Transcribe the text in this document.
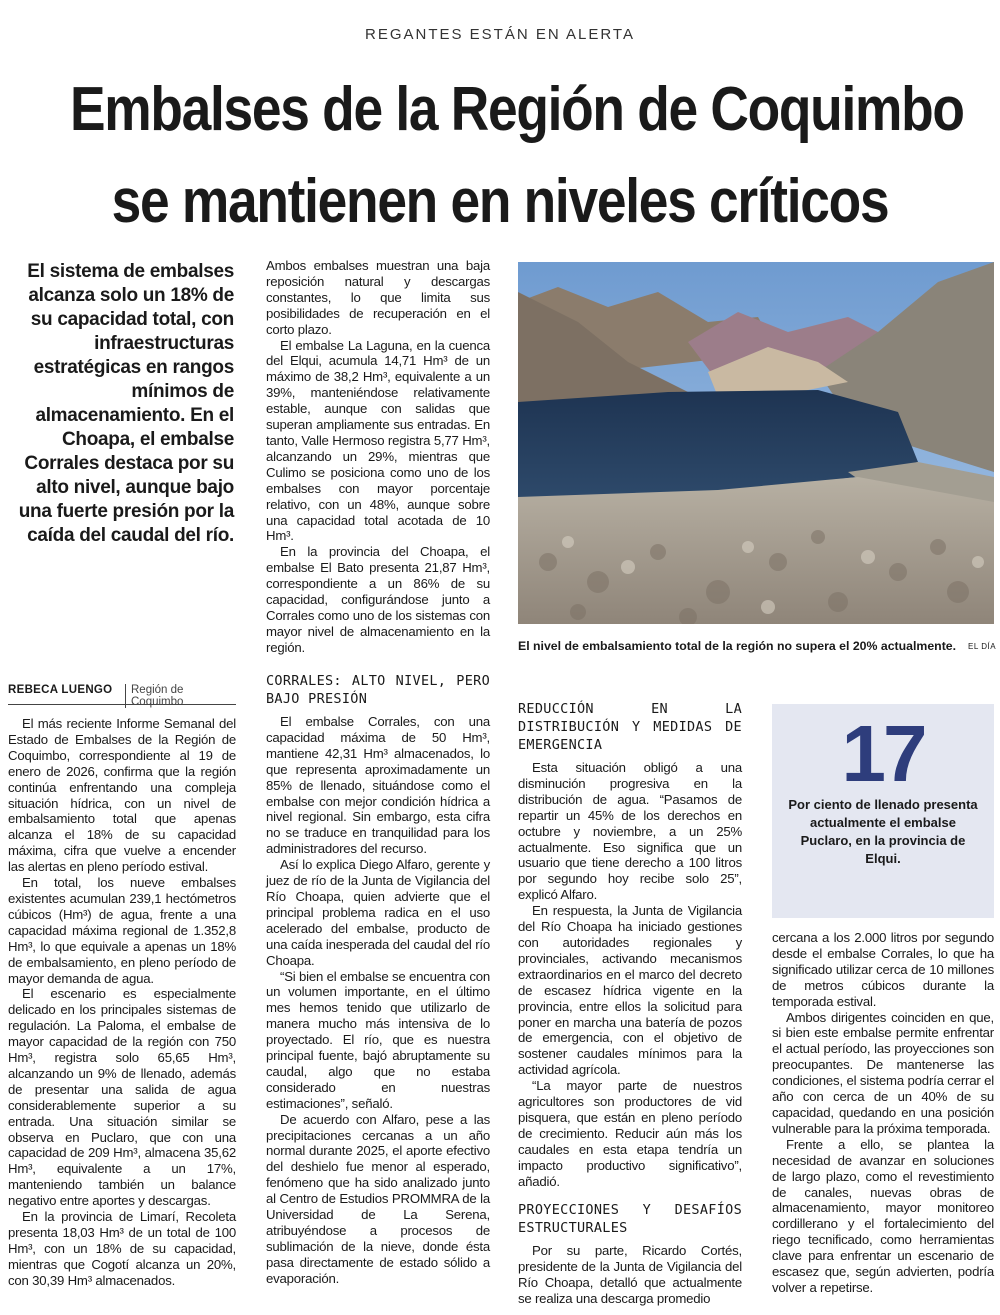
REGANTES ESTÁN EN ALERTA
Embalses de la Región de Coquimbo
se mantienen en niveles críticos
El sistema de embalses alcanza solo un 18% de su capacidad total, con infraestructuras estratégicas en rangos mínimos de almacenamiento. En el Choapa, el embalse Corrales destaca por su alto nivel, aunque bajo una fuerte presión por la caída del caudal del río.

Ambos embalses muestran una baja reposición natural y descargas constantes, lo que limita sus posibilidades de recuperación en el corto plazo.

El embalse La Laguna, en la cuenca del Elqui, acumula 14,71 Hm³ de un máximo de 38,2 Hm³, equivalente a un 39%, manteniéndose relativamente estable, aunque con salidas que superan ampliamente sus entradas. En tanto, Valle Hermoso registra 5,77 Hm³, alcanzando un 29%, mientras que Culimo se posiciona como uno de los embalses con mayor porcentaje relativo, con un 48%, aunque sobre una capacidad total acotada de 10 Hm³.

En la provincia del Choapa, el embalse El Bato presenta 21,87 Hm³, correspondiente a un 86% de su capacidad, configurándose junto a Corrales como uno de los sistemas con mayor nivel de almacenamiento en la región.	El nivel de embalsamiento total de la región no supera el 20% actualmente. EL DÍA
REBECA LUENGO	Región de Coquimbo

El más reciente Informe Semanal del Estado de Embalses de la Región de Coquimbo, correspondiente al 19 de enero de 2026, confirma que la región continúa enfrentando una compleja situación hídrica, con un nivel de embalsamiento total que apenas alcanza el 18% de su capacidad máxima, cifra que vuelve a encender las alertas en pleno período estival.

En total, los nueve embalses existentes acumulan 239,1 hectómetros cúbicos (Hm³) de agua, frente a una capacidad máxima regional de 1.352,8 Hm³, lo que equivale a apenas un 18% de embalsamiento, en pleno período de mayor demanda de agua.

El escenario es especialmente delicado en los principales sistemas de regulación. La Paloma, el embalse de mayor capacidad de la región con 750 Hm³, registra solo 65,65 Hm³, alcanzando un 9% de llenado, además de presentar una salida de agua considerablemente superior a su entrada. Una situación similar se observa en Puclaro, que con una capacidad de 209 Hm³, almacena 35,62 Hm³, equivalente a un 17%, manteniendo también un balance negativo entre aportes y descargas.

En la provincia de Limarí, Recoleta presenta 18,03 Hm³ de un total de 100 Hm³, con un 18% de su capacidad, mientras que Cogotí alcanza un 20%, con 30,39 Hm³ almacenados.

CORRALES: ALTO NIVEL, PERO BAJO PRESIÓN

El embalse Corrales, con una capacidad máxima de 50 Hm³, mantiene 42,31 Hm³ almacenados, lo que representa aproximadamente un 85% de llenado, situándose como el embalse con mejor condición hídrica a nivel regional. Sin embargo, esta cifra no se traduce en tranquilidad para los administradores del recurso.

Así lo explica Diego Alfaro, gerente y juez de río de la Junta de Vigilancia del Río Choapa, quien advierte que el principal problema radica en el uso acelerado del embalse, producto de una caída inesperada del caudal del río Choapa.

“Si bien el embalse se encuentra con un volumen importante, en el último mes hemos tenido que utilizarlo de manera mucho más intensiva de lo proyectado. El río, que es nuestra principal fuente, bajó abruptamente su caudal, algo que no estaba considerado en nuestras estimaciones”, señaló.

De acuerdo con Alfaro, pese a las precipitaciones cercanas a un año normal durante 2025, el aporte efectivo del deshielo fue menor al esperado, fenómeno que ha sido analizado junto al Centro de Estudios PROMMRA de la Universidad de La Serena, atribuyéndose a procesos de sublimación de la nieve, donde ésta pasa directamente de estado sólido a evaporación.

REDUCCIÓN EN LA DISTRIBUCIÓN Y MEDIDAS DE EMERGENCIA

Esta situación obligó a una disminución progresiva en la distribución de agua. “Pasamos de repartir un 45% de los derechos en octubre y noviembre, a un 25% actualmente. Eso significa que un usuario que tiene derecho a 100 litros por segundo hoy recibe solo 25”, explicó Alfaro.

En respuesta, la Junta de Vigilancia del Río Choapa ha iniciado gestiones con autoridades regionales y provinciales, activando mecanismos extraordinarios en el marco del decreto de escasez hídrica vigente en la provincia, entre ellos la solicitud para poner en marcha una batería de pozos de emergencia, con el objetivo de sostener caudales mínimos para la actividad agrícola.

“La mayor parte de nuestros agricultores son productores de vid pisquera, que están en pleno período de crecimiento. Reducir aún más los caudales en esta etapa tendría un impacto productivo significativo”, añadió.

PROYECCIONES Y DESAFÍOS ESTRUCTURALES

Por su parte, Ricardo Cortés, presidente de la Junta de Vigilancia del Río Choapa, detalló que actualmente se realiza una descarga promedio

17
Por ciento de llenado presenta actualmente el embalse Puclaro, en la provincia de Elqui.

cercana a los 2.000 litros por segundo desde el embalse Corrales, lo que ha significado utilizar cerca de 10 millones de metros cúbicos durante la temporada estival.

Ambos dirigentes coinciden en que, si bien este embalse permite enfrentar el actual período, las proyecciones son preocupantes. De mantenerse las condiciones, el sistema podría cerrar el año con cerca de un 40% de su capacidad, quedando en una posición vulnerable para la próxima temporada.

Frente a ello, se plantea la necesidad de avanzar en soluciones de largo plazo, como el revestimiento de canales, nuevas obras de almacenamiento, mayor monitoreo cordillerano y el fortalecimiento del riego tecnificado, como herramientas clave para enfrentar un escenario de escasez que, según advierten, podría volver a repetirse.
